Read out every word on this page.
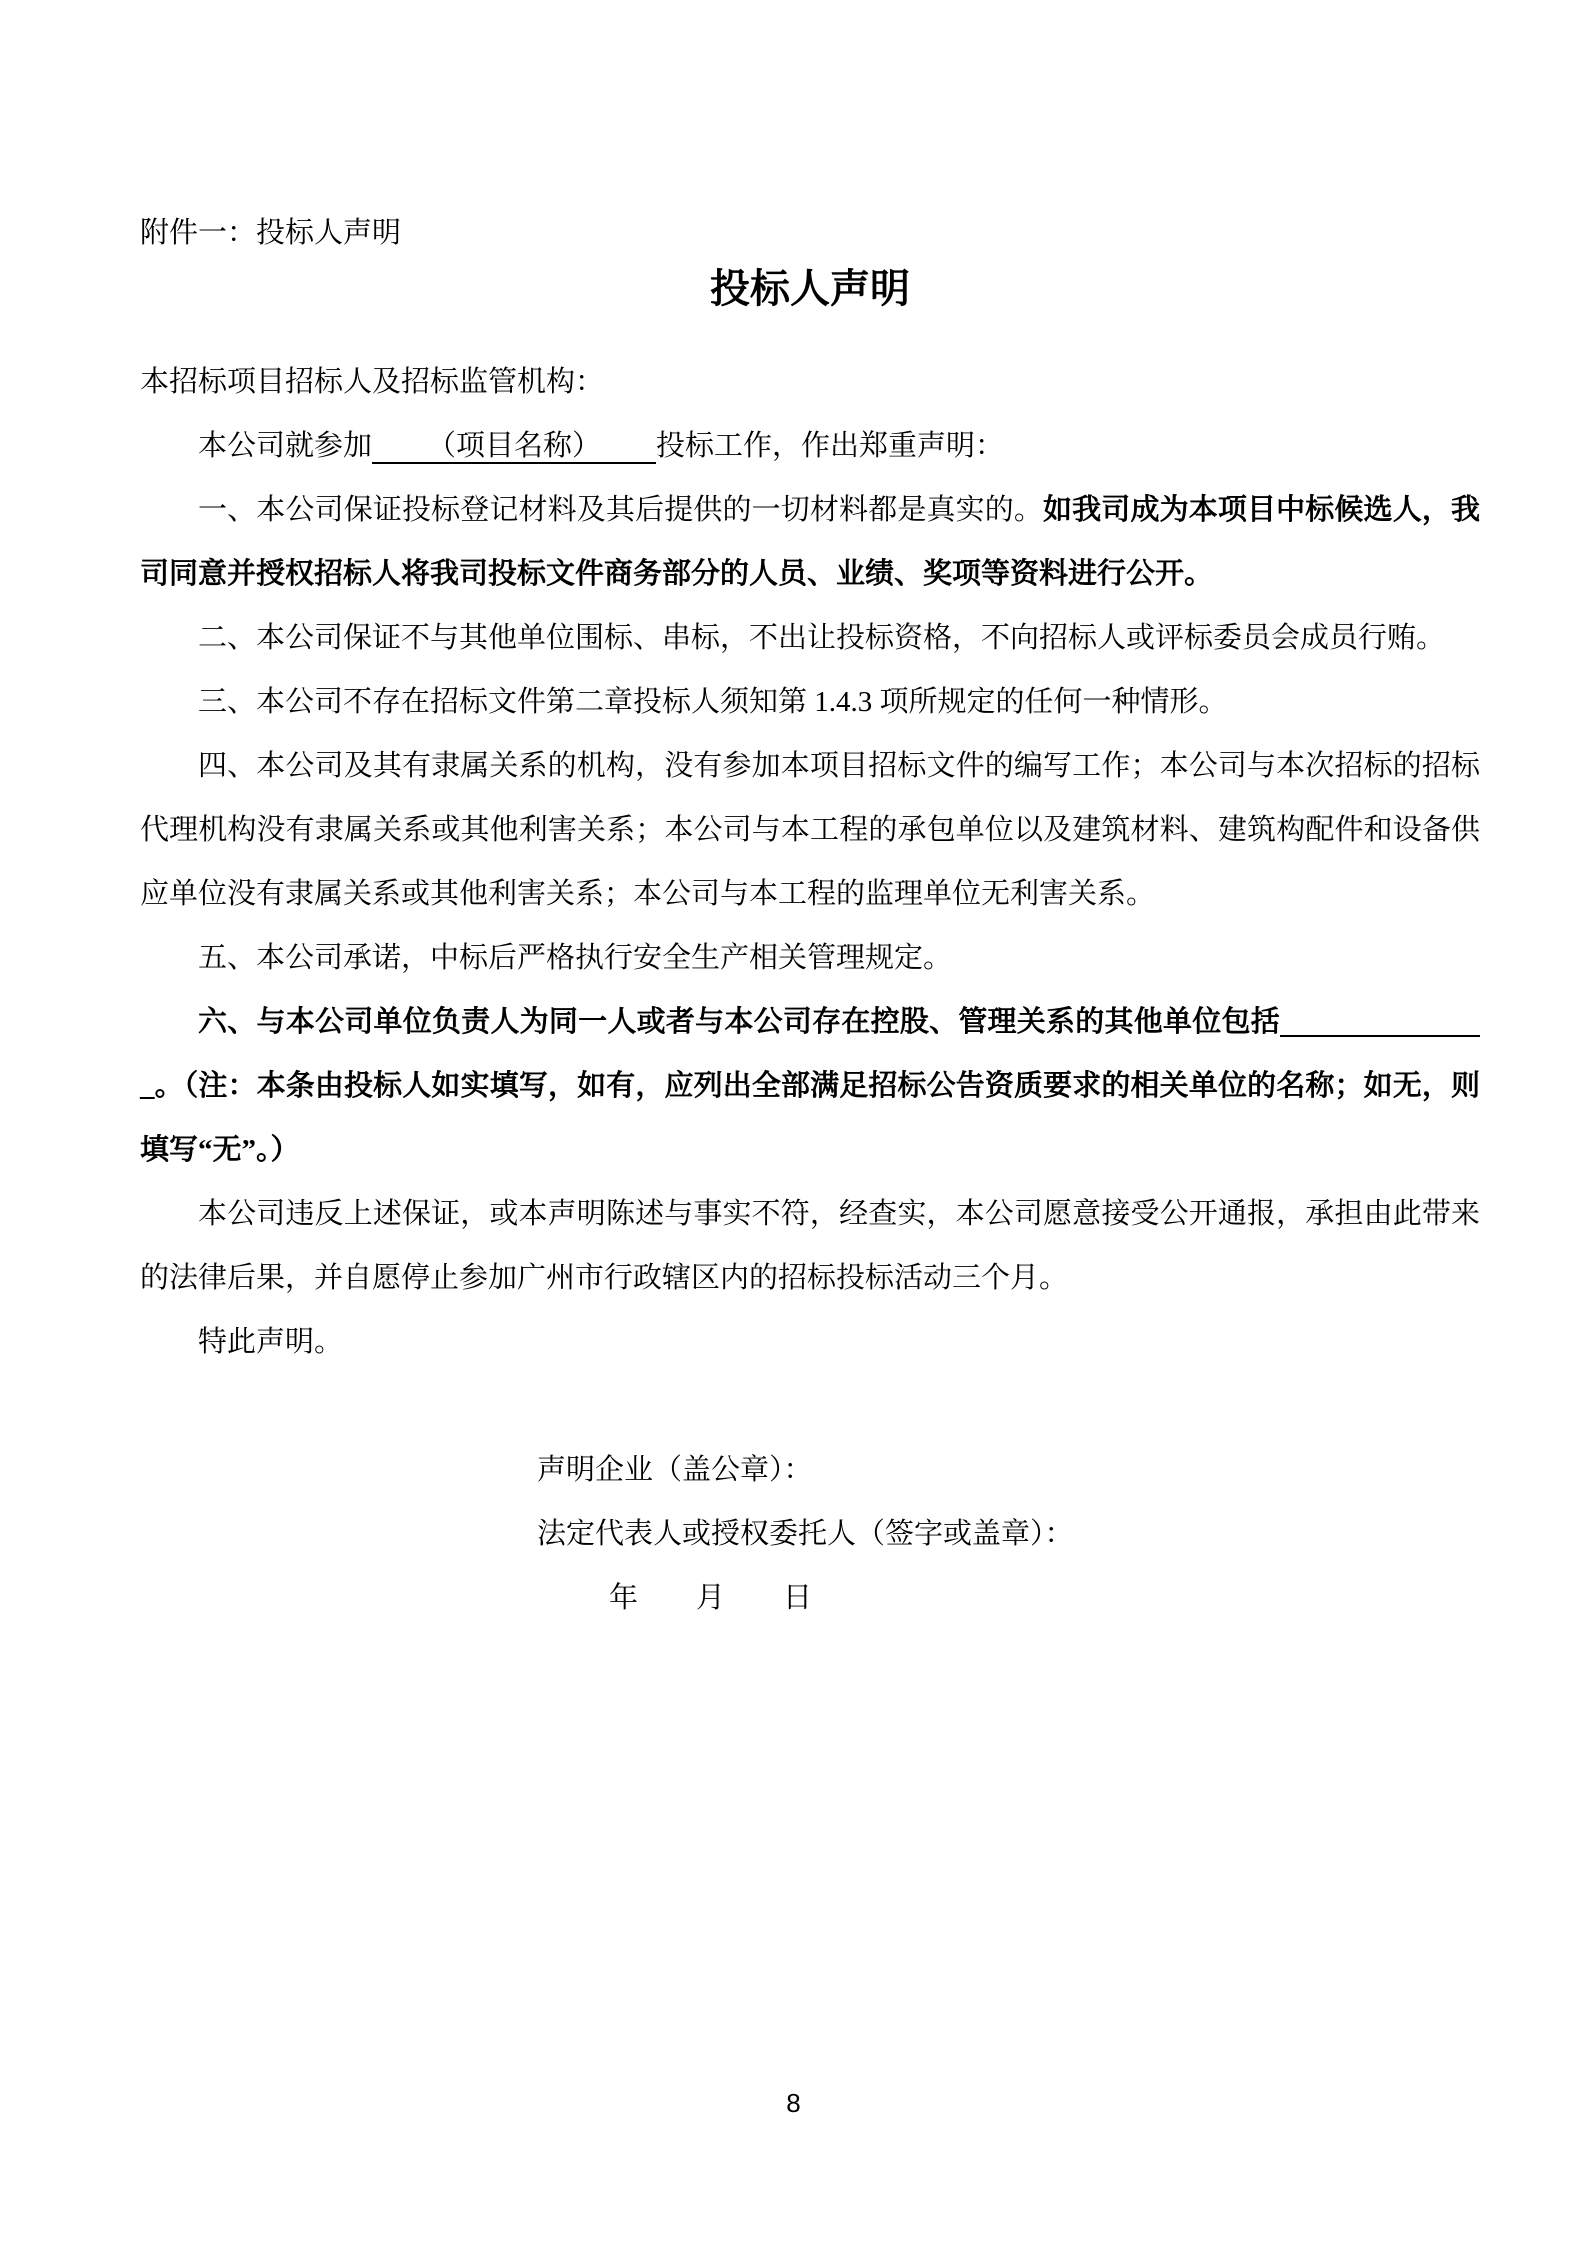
附件一：投标人声明
投标人声明

本招标项目招标人及招标监管机构：

本公司就参加 （项目名称） 投标工作，作出郑重声明：

一、本公司保证投标登记材料及其后提供的一切材料都是真实的。如我司成为本项目中标候选人，我司同意并授权招标人将我司投标文件商务部分的人员、业绩、奖项等资料进行公开。

二、本公司保证不与其他单位围标、串标，不出让投标资格，不向招标人或评标委员会成员行贿。

三、本公司不存在招标文件第二章投标人须知第 1.4.3 项所规定的任何一种情形。

四、本公司及其有隶属关系的机构，没有参加本项目招标文件的编写工作；本公司与本次招标的招标代理机构没有隶属关系或其他利害关系；本公司与本工程的承包单位以及建筑材料、建筑构配件和设备供应单位没有隶属关系或其他利害关系；本公司与本工程的监理单位无利害关系。

五、本公司承诺，中标后严格执行安全生产相关管理规定。

六、与本公司单位负责人为同一人或者与本公司存在控股、管理关系的其他单位包括_。（注：本条由投标人如实填写，如有，应列出全部满足招标公告资质要求的相关单位的名称；如无，则填写“无”。）

本公司违反上述保证，或本声明陈述与事实不符，经查实，本公司愿意接受公开通报，承担由此带来的法律后果，并自愿停止参加广州市行政辖区内的招标投标活动三个月。

特此声明。

声明企业（盖公章）：
法定代表人或授权委托人（签字或盖章）：
年　　月　　日
8
